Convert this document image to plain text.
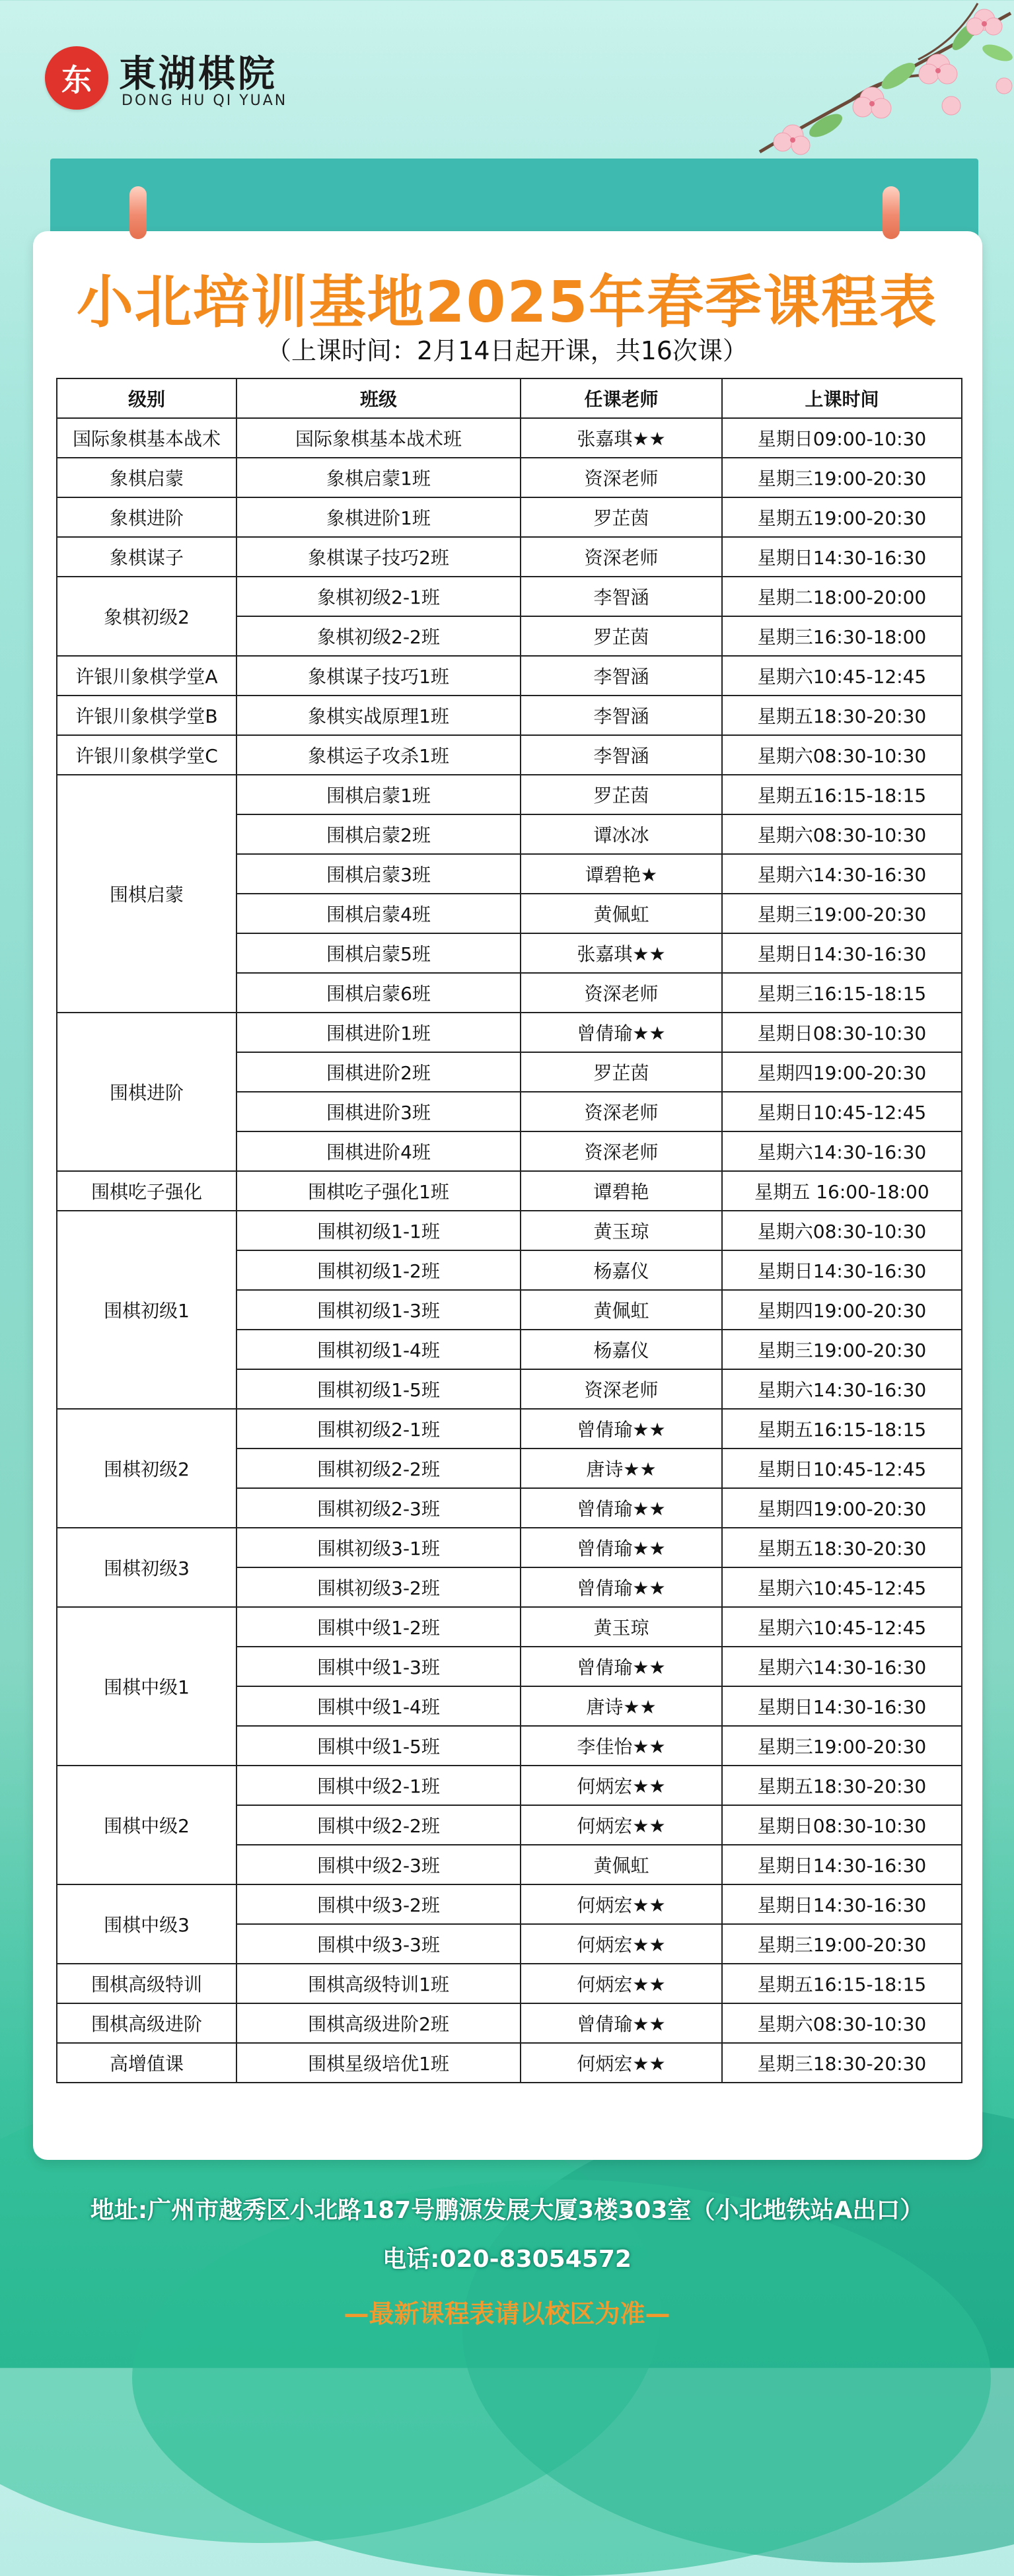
东 東湖棋院
DONG HU QI YUAN
小北培训基地2025年春季课程表
（上课时间：2月14日起开课，共16次课）
级别	班级	任课老师	上课时间
国际象棋基本战术	国际象棋基本战术班	张嘉琪★★	星期日09:00-10:30
象棋启蒙	象棋启蒙1班	资深老师	星期三19:00-20:30
象棋进阶	象棋进阶1班	罗芷茵	星期五19:00-20:30
象棋谋子	象棋谋子技巧2班	资深老师	星期日14:30-16:30
象棋初级2	象棋初级2-1班	李智涵	星期二18:00-20:00
	象棋初级2-2班	罗芷茵	星期三16:30-18:00
许银川象棋学堂A	象棋谋子技巧1班	李智涵	星期六10:45-12:45
许银川象棋学堂B	象棋实战原理1班	李智涵	星期五18:30-20:30
许银川象棋学堂C	象棋运子攻杀1班	李智涵	星期六08:30-10:30
围棋启蒙	围棋启蒙1班	罗芷茵	星期五16:15-18:15
	围棋启蒙2班	谭冰冰	星期六08:30-10:30
	围棋启蒙3班	谭碧艳★	星期六14:30-16:30
	围棋启蒙4班	黄佩虹	星期三19:00-20:30
	围棋启蒙5班	张嘉琪★★	星期日14:30-16:30
	围棋启蒙6班	资深老师	星期三16:15-18:15
围棋进阶	围棋进阶1班	曾倩瑜★★	星期日08:30-10:30
	围棋进阶2班	罗芷茵	星期四19:00-20:30
	围棋进阶3班	资深老师	星期日10:45-12:45
	围棋进阶4班	资深老师	星期六14:30-16:30
围棋吃子强化	围棋吃子强化1班	谭碧艳	星期五 16:00-18:00
围棋初级1	围棋初级1-1班	黄玉琼	星期六08:30-10:30
	围棋初级1-2班	杨嘉仪	星期日14:30-16:30
	围棋初级1-3班	黄佩虹	星期四19:00-20:30
	围棋初级1-4班	杨嘉仪	星期三19:00-20:30
	围棋初级1-5班	资深老师	星期六14:30-16:30
围棋初级2	围棋初级2-1班	曾倩瑜★★	星期五16:15-18:15
	围棋初级2-2班	唐诗★★	星期日10:45-12:45
	围棋初级2-3班	曾倩瑜★★	星期四19:00-20:30
围棋初级3	围棋初级3-1班	曾倩瑜★★	星期五18:30-20:30
	围棋初级3-2班	曾倩瑜★★	星期六10:45-12:45
围棋中级1	围棋中级1-2班	黄玉琼	星期六10:45-12:45
	围棋中级1-3班	曾倩瑜★★	星期六14:30-16:30
	围棋中级1-4班	唐诗★★	星期日14:30-16:30
	围棋中级1-5班	李佳怡★★	星期三19:00-20:30
围棋中级2	围棋中级2-1班	何炳宏★★	星期五18:30-20:30
	围棋中级2-2班	何炳宏★★	星期日08:30-10:30
	围棋中级2-3班	黄佩虹	星期日14:30-16:30
围棋中级3	围棋中级3-2班	何炳宏★★	星期日14:30-16:30
	围棋中级3-3班	何炳宏★★	星期三19:00-20:30
围棋高级特训	围棋高级特训1班	何炳宏★★	星期五16:15-18:15
围棋高级进阶	围棋高级进阶2班	曾倩瑜★★	星期六08:30-10:30
高增值课	围棋星级培优1班	何炳宏★★	星期三18:30-20:30
地址:广州市越秀区小北路187号鹏源发展大厦3楼303室（小北地铁站A出口）
电话:020-83054572
—最新课程表请以校区为准—
